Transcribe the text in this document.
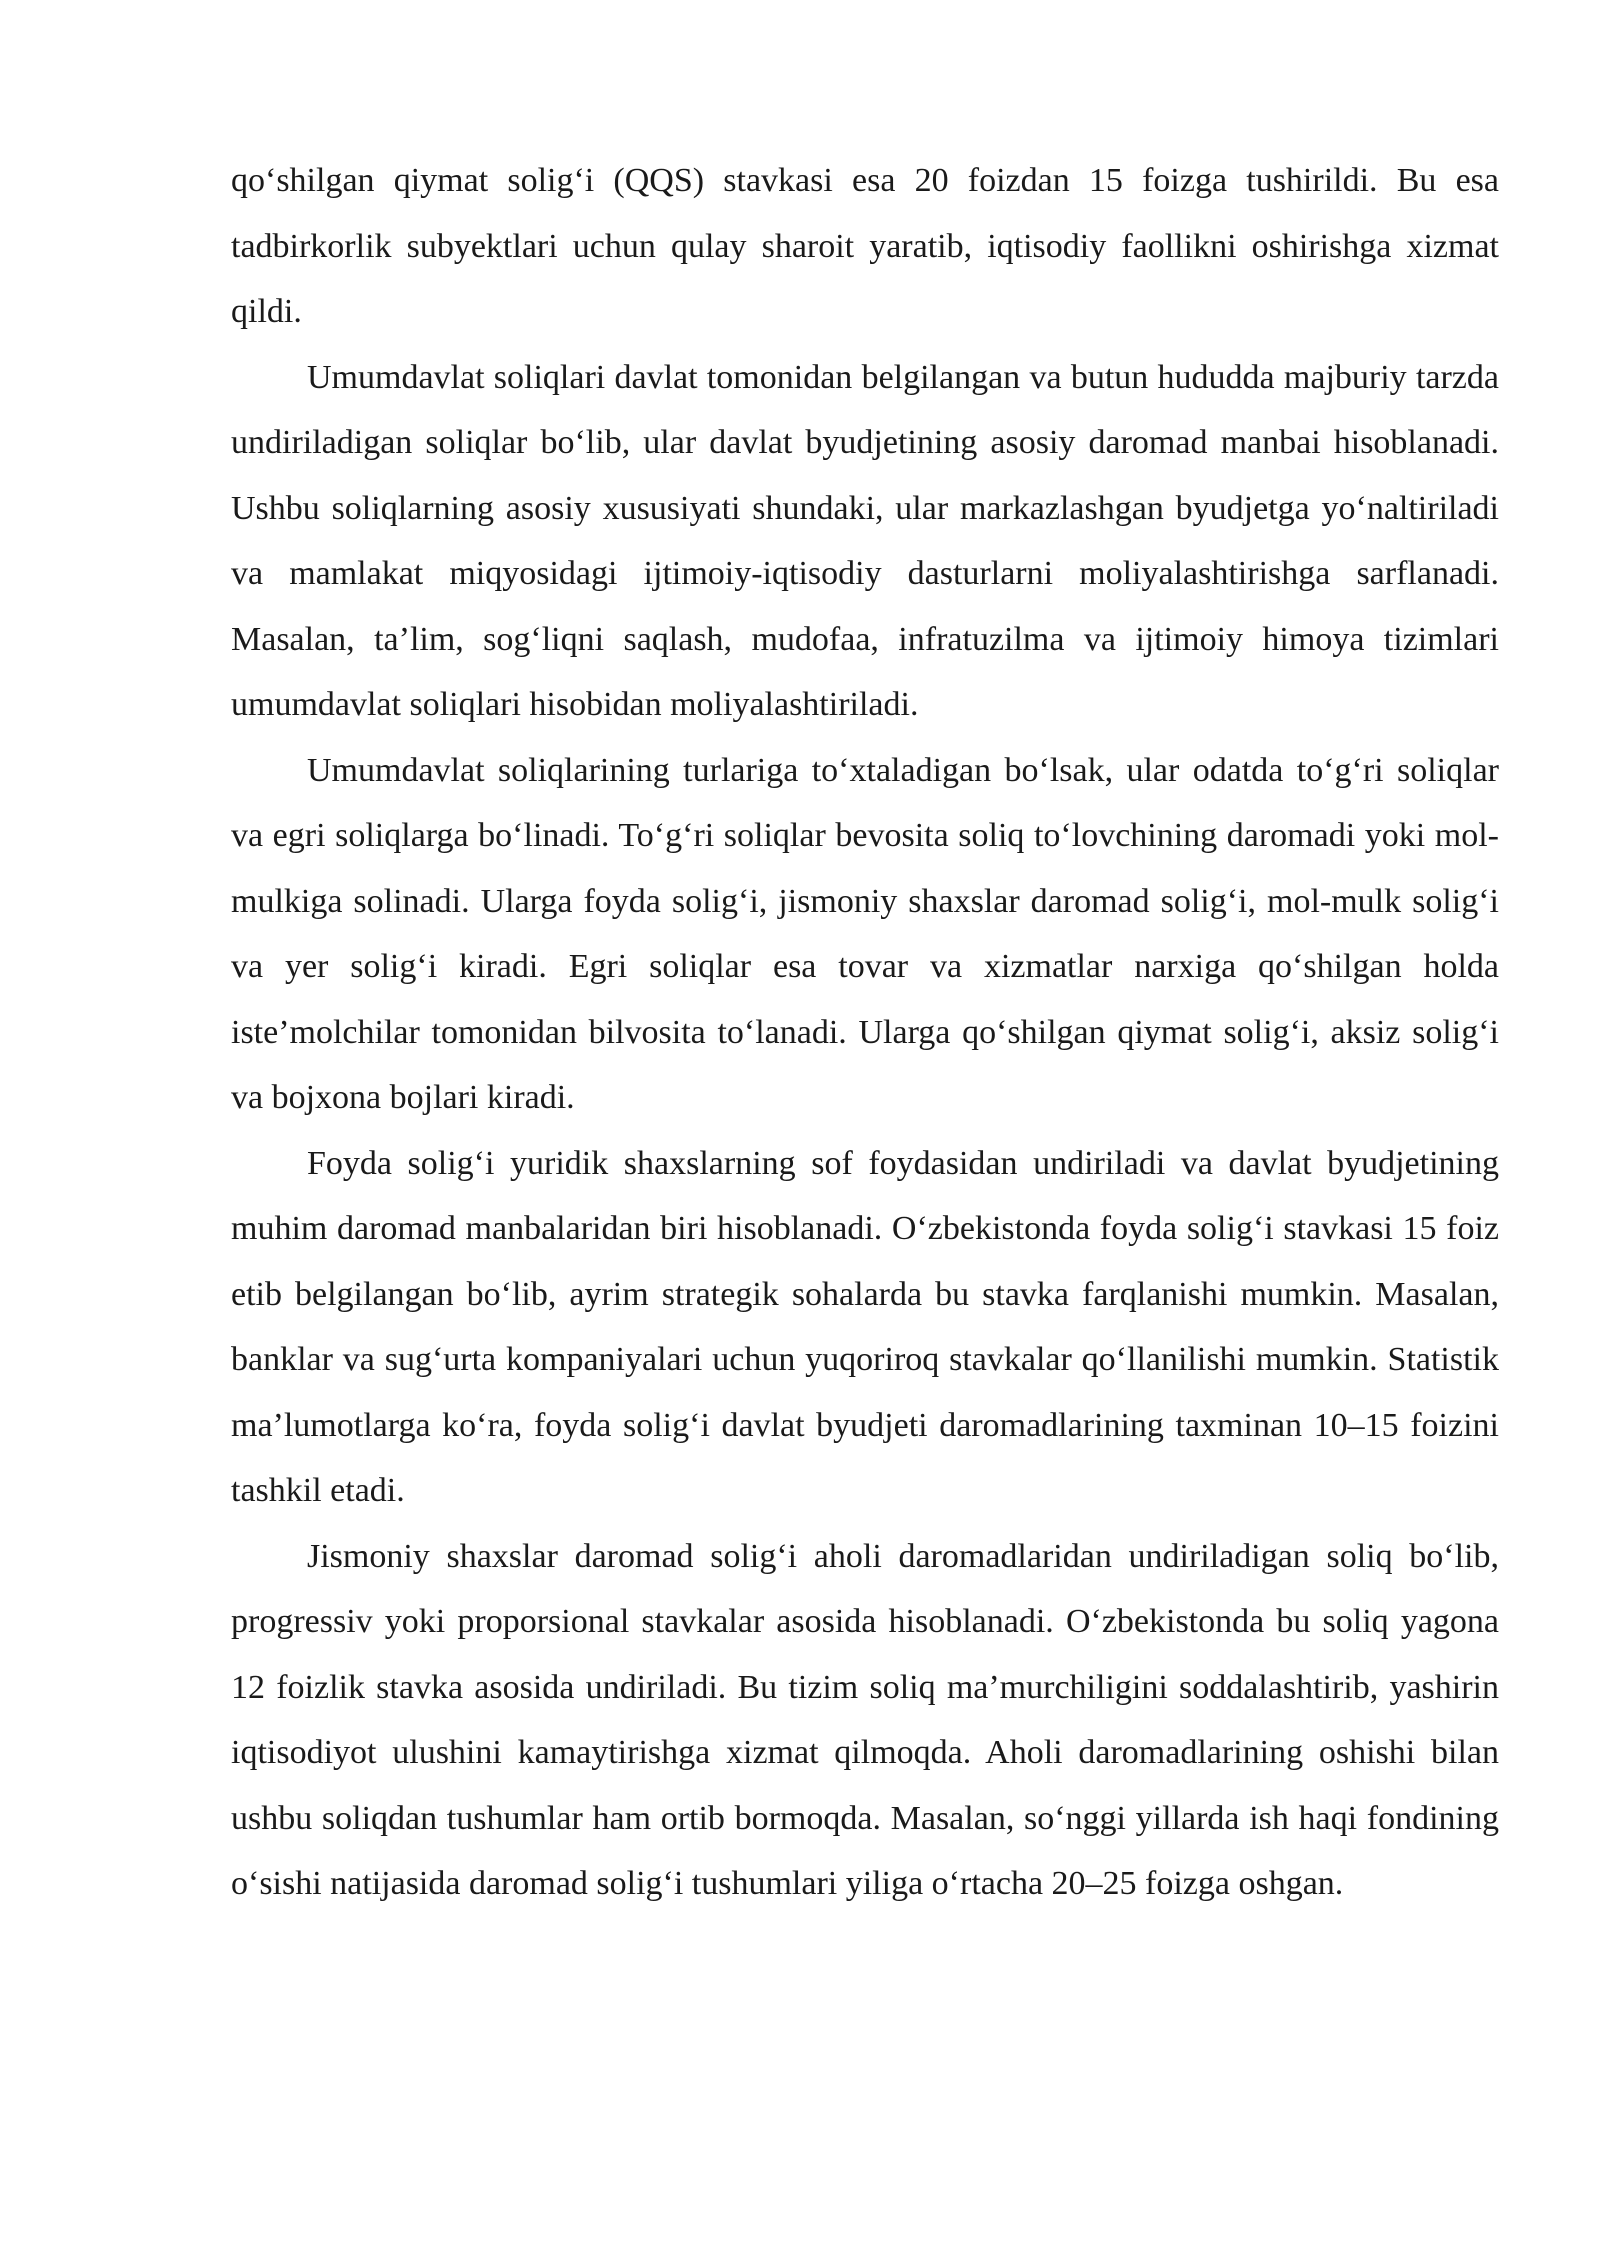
qo‘shilgan qiymat solig‘i (QQS) stavkasi esa 20 foizdan 15 foizga tushirildi. Bu esa tadbirkorlik subyektlari uchun qulay sharoit yaratib, iqtisodiy faollikni oshirishga xizmat qildi.

Umumdavlat soliqlari davlat tomonidan belgilangan va butun hududda majburiy tarzda undiriladigan soliqlar bo‘lib, ular davlat byudjetining asosiy daromad manbai hisoblanadi. Ushbu soliqlarning asosiy xususiyati shundaki, ular markazlashgan byudjetga yo‘naltiriladi va mamlakat miqyosidagi ijtimoiy-iqtisodiy dasturlarni moliyalashtirishga sarflanadi. Masalan, ta’lim, sog‘liqni saqlash, mudofaa, infratuzilma va ijtimoiy himoya tizimlari umumdavlat soliqlari hisobidan moliyalashtiriladi.

Umumdavlat soliqlarining turlariga to‘xtaladigan bo‘lsak, ular odatda to‘g‘ri soliqlar va egri soliqlarga bo‘linadi. To‘g‘ri soliqlar bevosita soliq to‘lovchining daromadi yoki mol-mulkiga solinadi. Ularga foyda solig‘i, jismoniy shaxslar daromad solig‘i, mol-mulk solig‘i va yer solig‘i kiradi. Egri soliqlar esa tovar va xizmatlar narxiga qo‘shilgan holda iste’molchilar tomonidan bilvosita to‘lanadi. Ularga qo‘shilgan qiymat solig‘i, aksiz solig‘i va bojxona bojlari kiradi.

Foyda solig‘i yuridik shaxslarning sof foydasidan undiriladi va davlat byudjetining muhim daromad manbalaridan biri hisoblanadi. O‘zbekistonda foyda solig‘i stavkasi 15 foiz etib belgilangan bo‘lib, ayrim strategik sohalarda bu stavka farqlanishi mumkin. Masalan, banklar va sug‘urta kompaniyalari uchun yuqoriroq stavkalar qo‘llanilishi mumkin. Statistik ma’lumotlarga ko‘ra, foyda solig‘i davlat byudjeti daromadlarining taxminan 10–15 foizini tashkil etadi.

Jismoniy shaxslar daromad solig‘i aholi daromadlaridan undiriladigan soliq bo‘lib, progressiv yoki proporsional stavkalar asosida hisoblanadi. O‘zbekistonda bu soliq yagona 12 foizlik stavka asosida undiriladi. Bu tizim soliq ma’murchiligini soddalashtirib, yashirin iqtisodiyot ulushini kamaytirishga xizmat qilmoqda. Aholi daromadlarining oshishi bilan ushbu soliqdan tushumlar ham ortib bormoqda. Masalan, so‘nggi yillarda ish haqi fondining o‘sishi natijasida daromad solig‘i tushumlari yiliga o‘rtacha 20–25 foizga oshgan.
